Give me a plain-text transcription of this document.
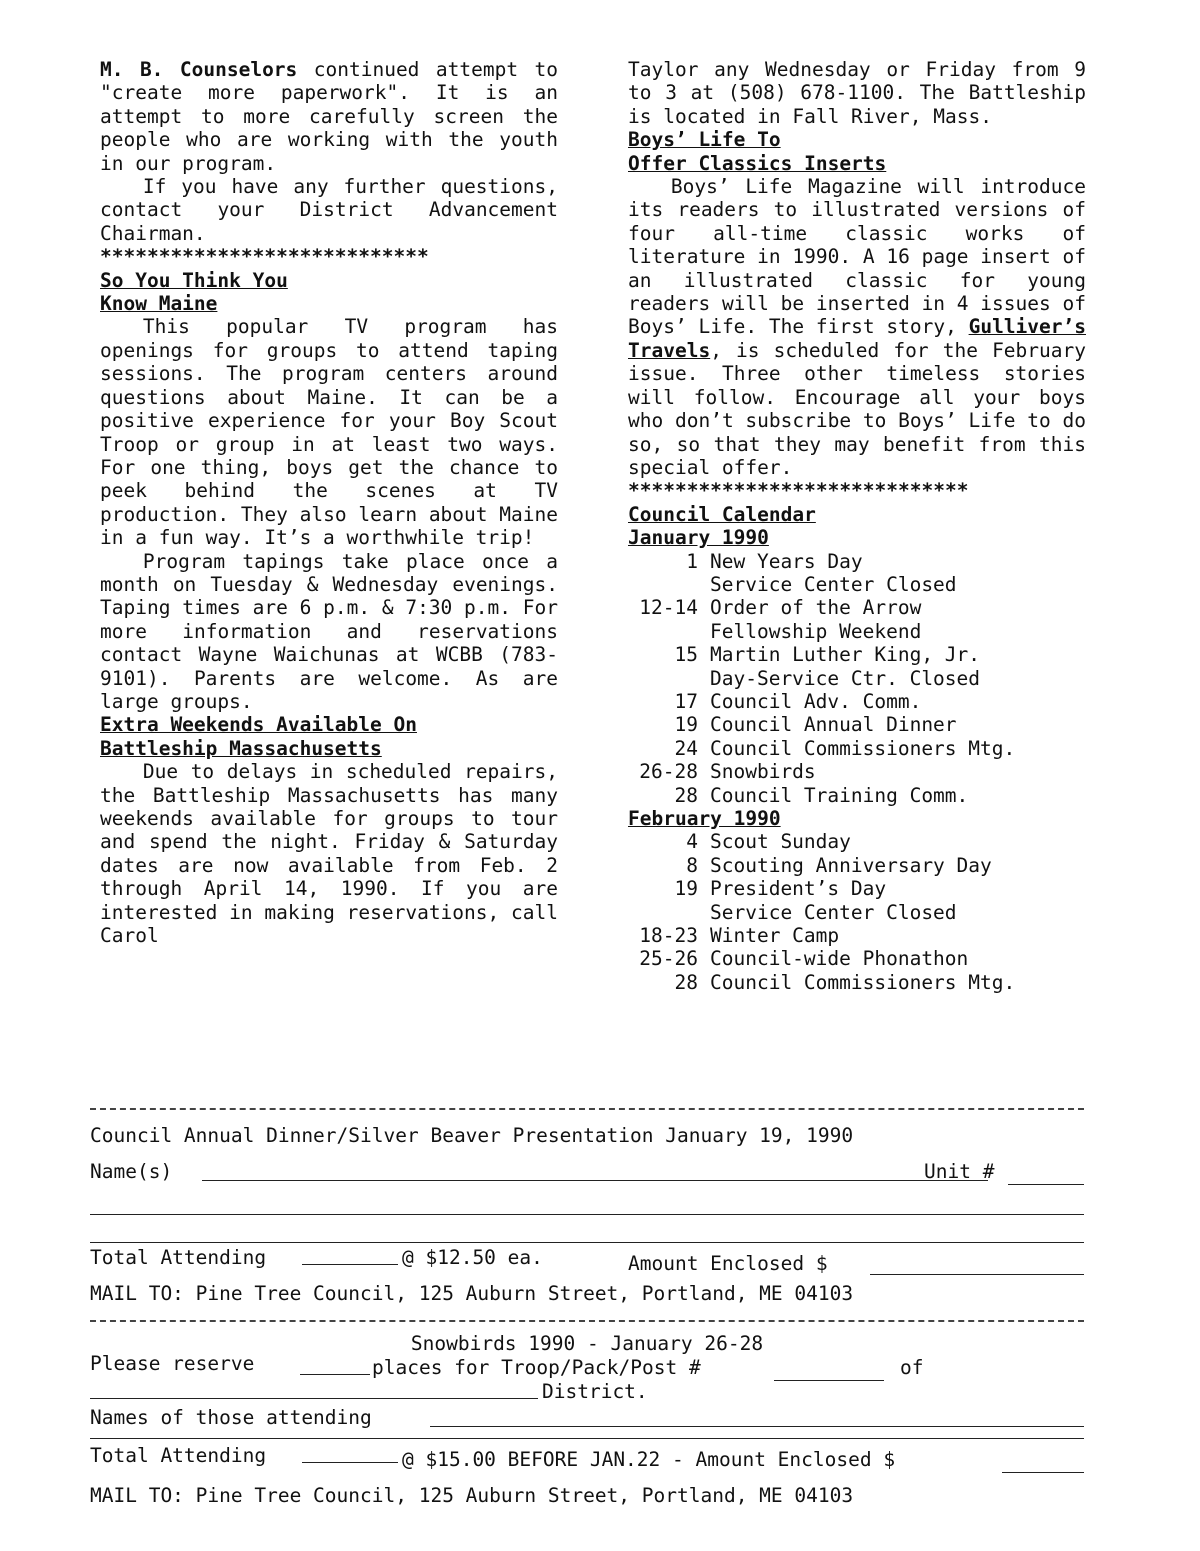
M. B. Counselors continued attempt to "create more paperwork". It is an attempt to more carefully screen the people who are working with the youth in our program.

If you have any further questions, contact your District Advancement Chairman.

****************************
So You Think You
Know Maine

This popular TV program has openings for groups to attend taping sessions. The program centers around questions about Maine. It can be a positive experience for your Boy Scout Troop or group in at least two ways. For one thing, boys get the chance to peek behind the scenes at TV production. They also learn about Maine in a fun way. It’s a worthwhile trip!

Program tapings take place once a month on Tuesday & Wednesday evenings. Taping times are 6 p.m. & 7:30 p.m. For more information and reservations contact Wayne Waichunas at WCBB (783-9101). Parents are welcome. As are large groups.

Extra Weekends Available On
Battleship Massachusetts

Due to delays in scheduled repairs, the Battleship Massachusetts has many weekends available for groups to tour and spend the night. Friday & Saturday dates are now available from Feb. 2 through April 14, 1990. If you are interested in making reservations, call Carol

Taylor any Wednesday or Friday from 9 to 3 at (508) 678-1100. The Battleship is located in Fall River, Mass.

Boys’ Life To
Offer Classics Inserts

Boys’ Life Magazine will introduce its readers to illustrated versions of four all-time classic works of literature in 1990. A 16 page insert of an illustrated classic for young readers will be inserted in 4 issues of Boys’ Life. The first story, Gulliver’s Travels, is scheduled for the February issue. Three other timeless stories will follow. Encourage all your boys who don’t subscribe to Boys’ Life to do so, so that they may benefit from this special offer.

*****************************
Council Calendar
January 1990
1 New Years Day
Service Center Closed
12-14 Order of the Arrow
Fellowship Weekend
15 Martin Luther King, Jr.
Day-Service Ctr. Closed
17 Council Adv. Comm.
19 Council Annual Dinner
24 Council Commissioners Mtg.
26-28 Snowbirds
28 Council Training Comm.
February 1990
4 Scout Sunday
8 Scouting Anniversary Day
19 President’s Day
Service Center Closed
18-23 Winter Camp
25-26 Council-wide Phonathon
28 Council Commissioners Mtg.
Council Annual Dinner/Silver Beaver Presentation January 19, 1990
Name(s)	Unit #
Total Attending	@ $12.50 ea.	Amount Enclosed $
MAIL TO: Pine Tree Council, 125 Auburn Street, Portland, ME 04103
Snowbirds 1990 - January 26-28
Please reserve	places for Troop/Pack/Post #	of
District.
Names of those attending
Total Attending	@ $15.00 BEFORE JAN.22 - Amount Enclosed $
MAIL TO: Pine Tree Council, 125 Auburn Street, Portland, ME 04103
